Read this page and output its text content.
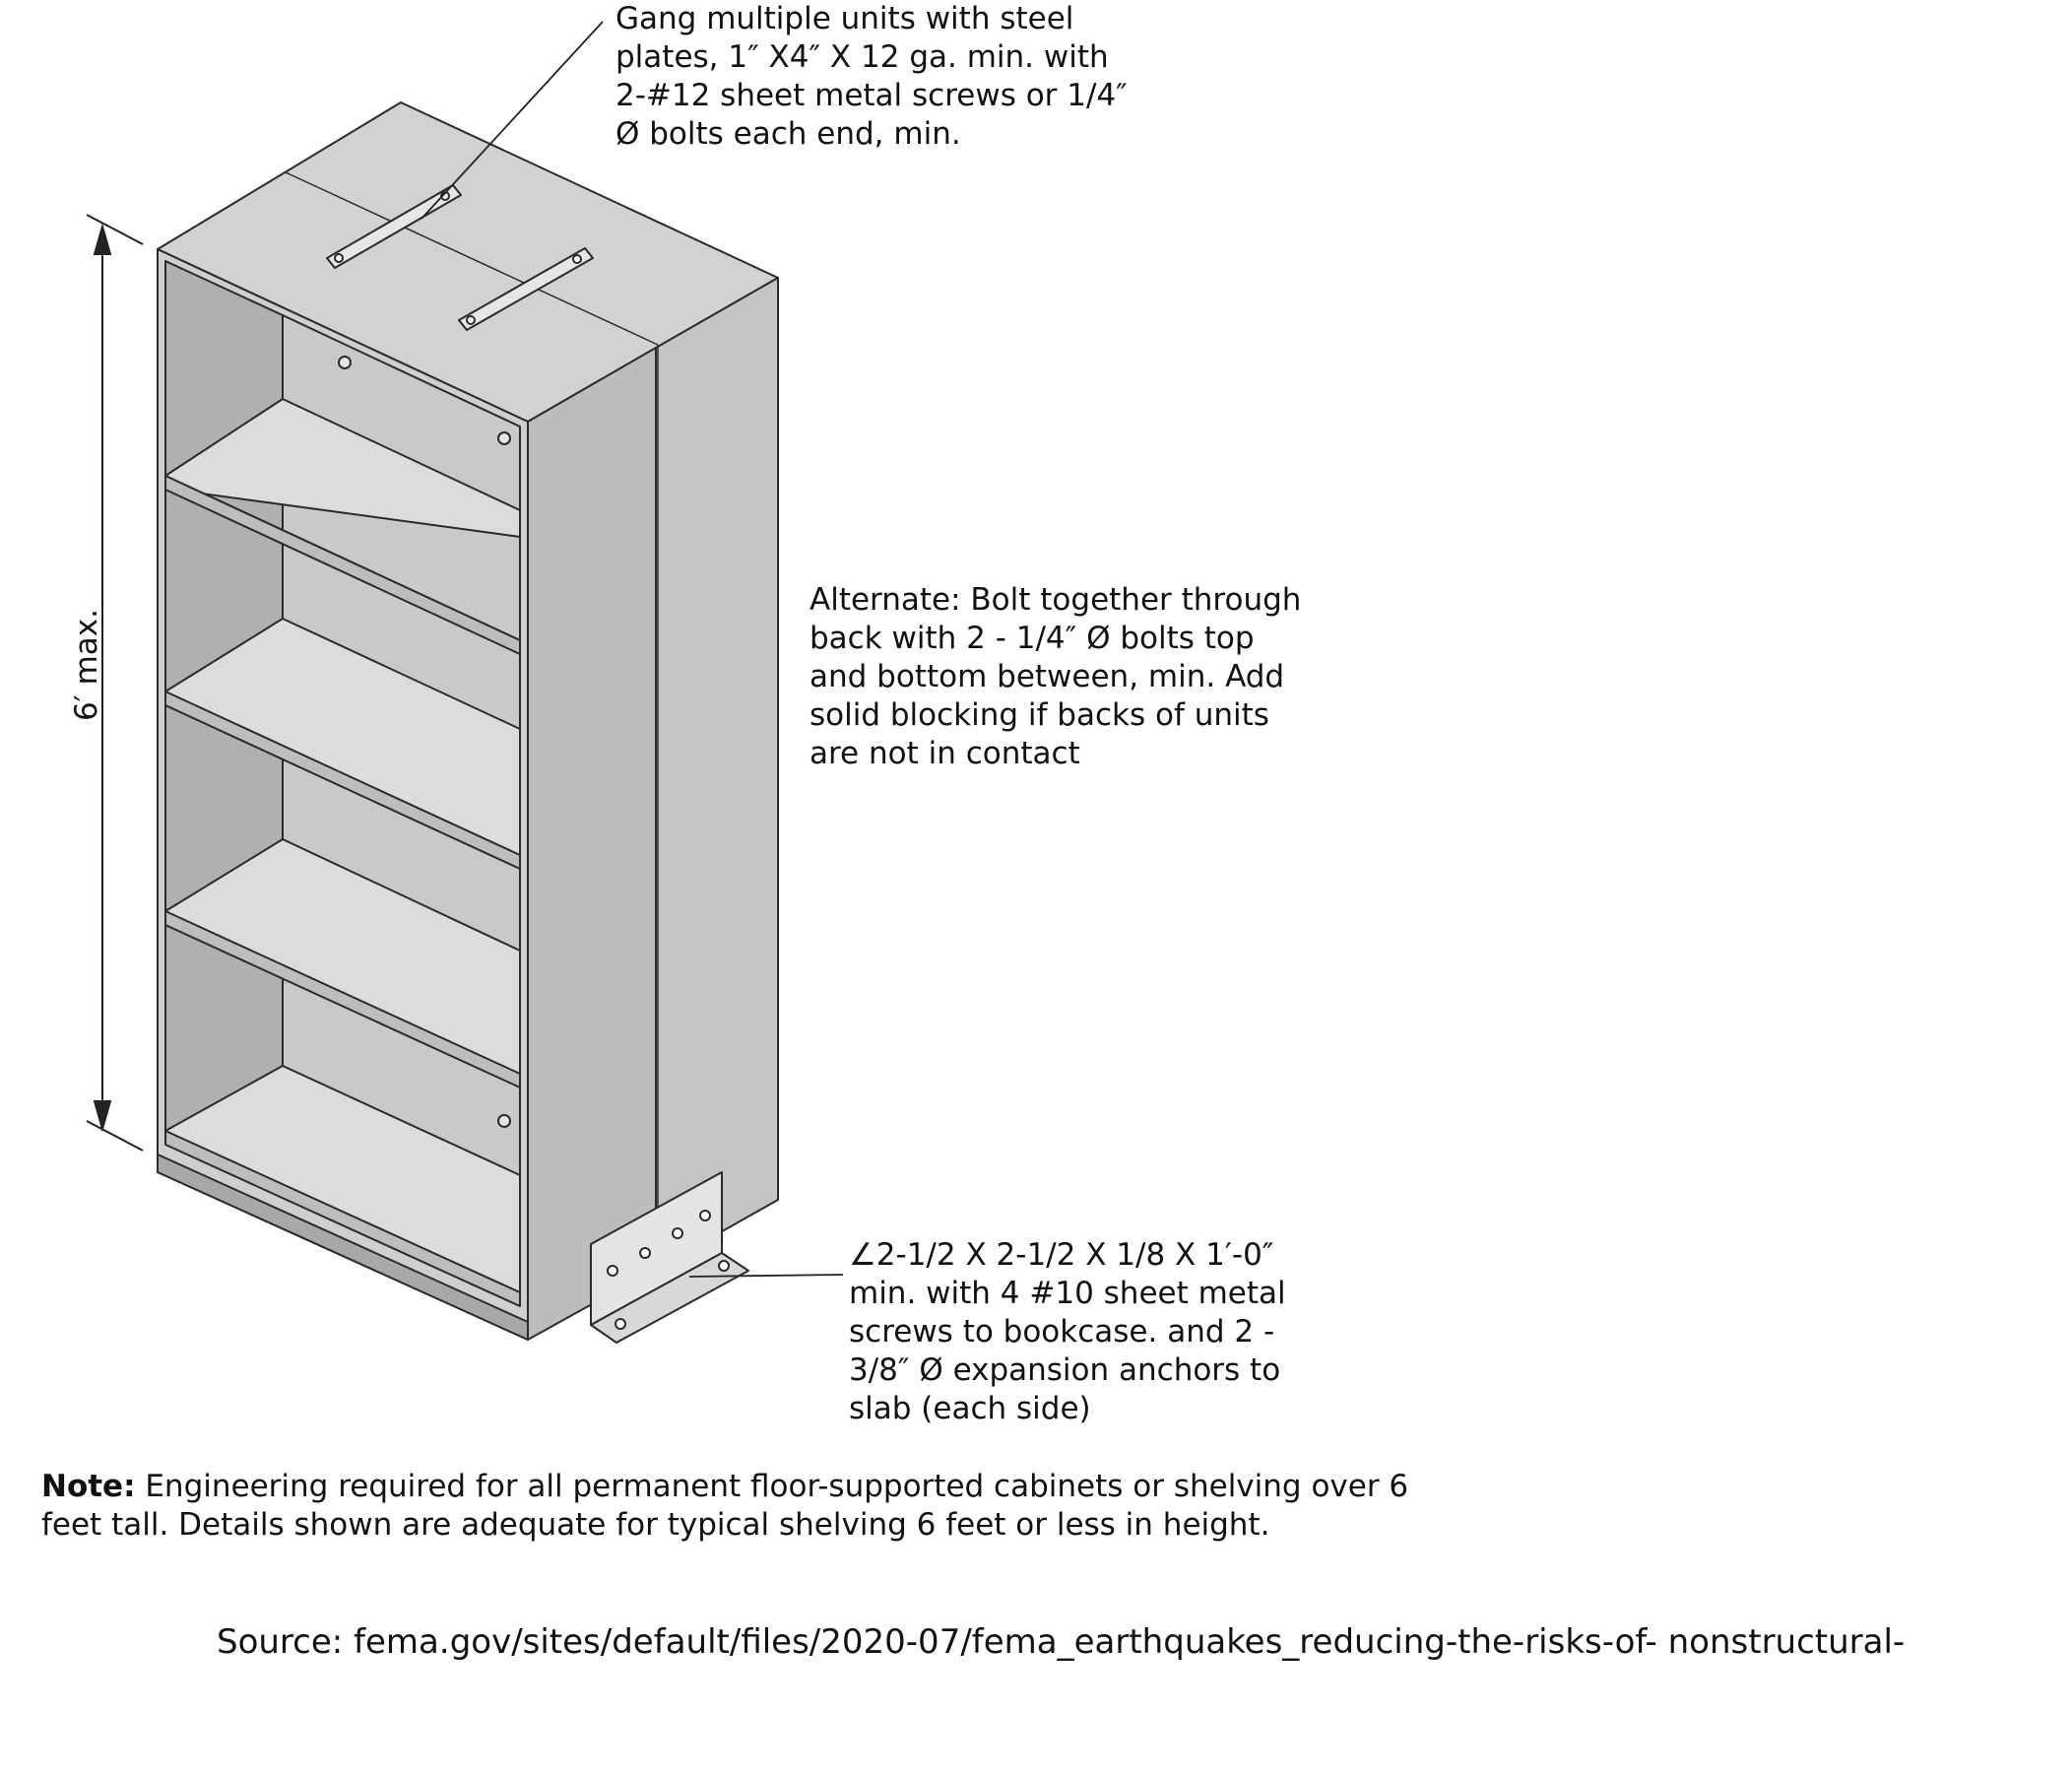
6′ max.
Gang multiple units with steel
plates, 1″ X4″ X 12 ga. min. with
2-#12 sheet metal screws or 1/4″
Ø bolts each end, min.
Alternate: Bolt together through
back with 2 - 1/4″ Ø bolts top
and bottom between, min. Add
solid blocking if backs of units
are not in contact
∠2-1/2 X 2-1/2 X 1/8 X 1′-0″
min. with 4 #10 sheet metal
screws to bookcase. and 2 -
3/8″ Ø expansion anchors to
slab (each side)
Note: Engineering required for all permanent floor-supported cabinets or shelving over 6
feet tall. Details shown are adequate for typical shelving 6 feet or less in height.
Source: fema.gov/sites/default/files/2020-07/fema_earthquakes_reducing-the-risks-of- nonstructural-
